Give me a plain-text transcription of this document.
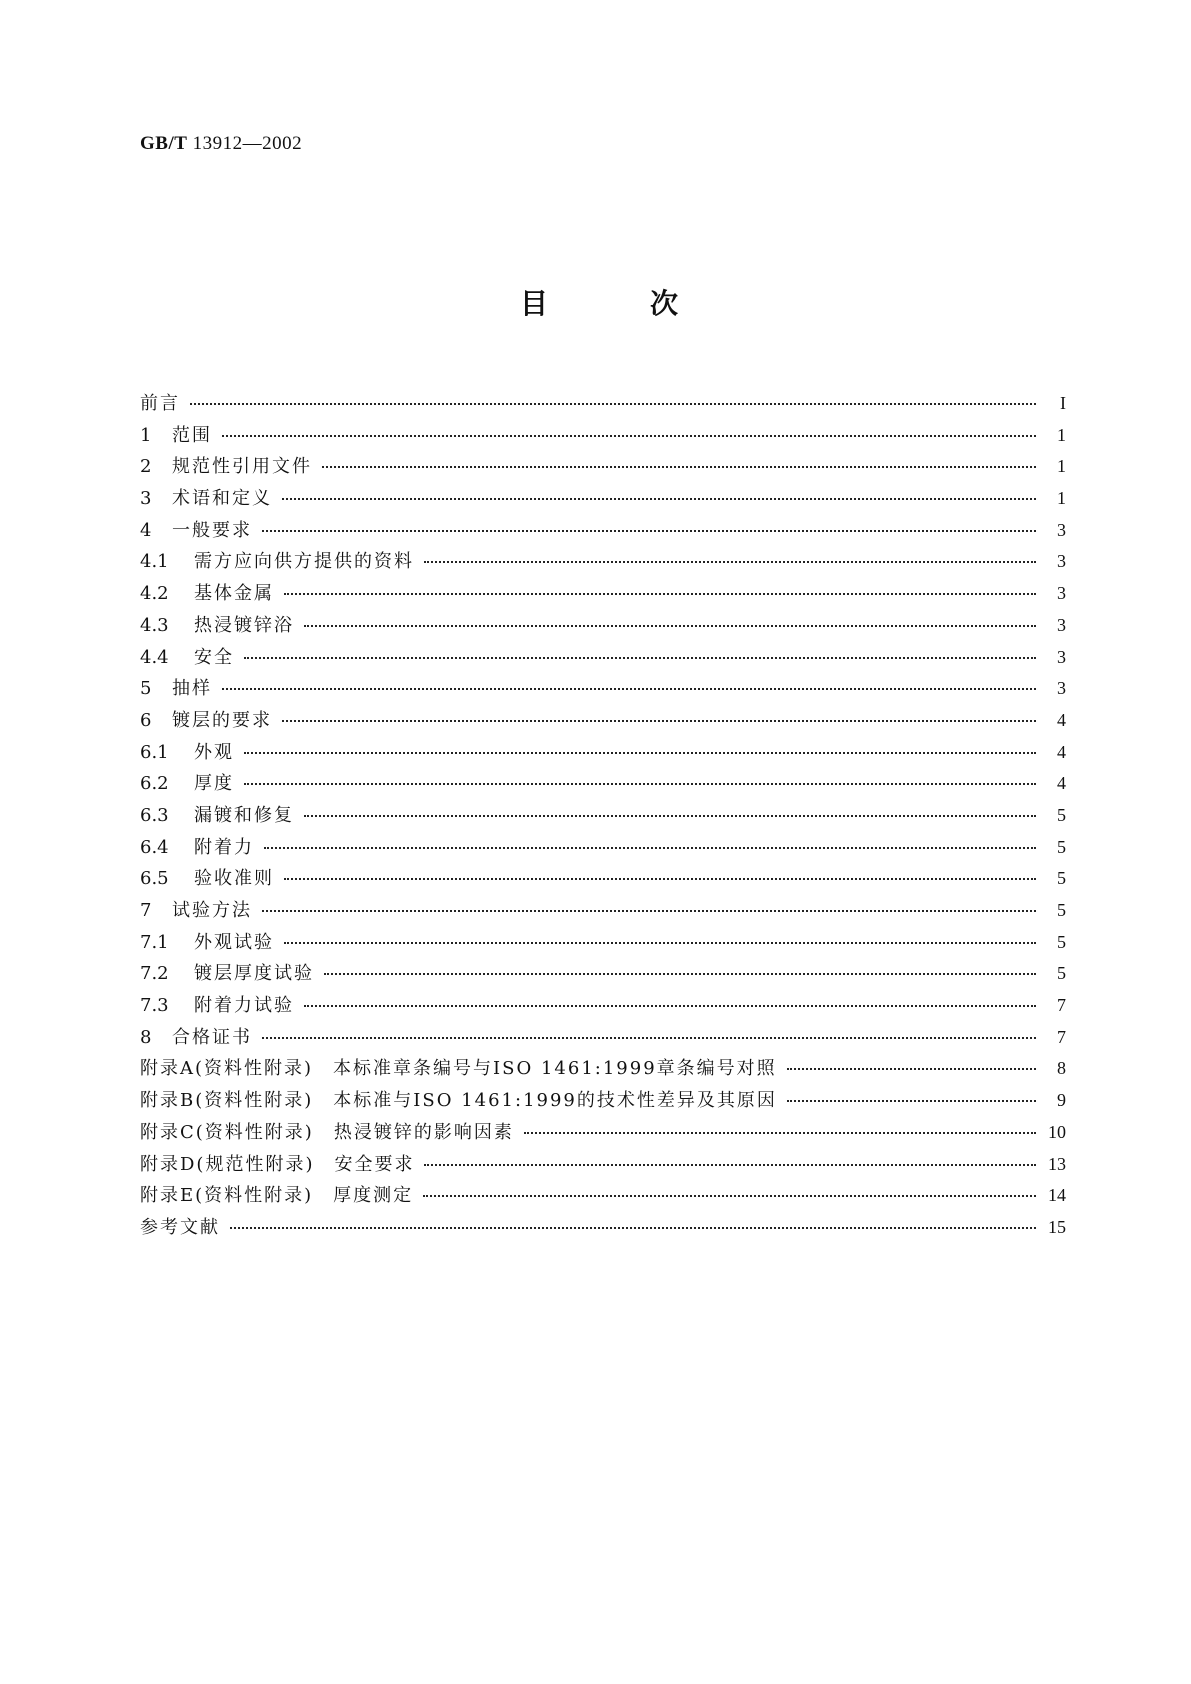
GB/T 13912—2002
目次
前言	I
1	范围	1
2	规范性引用文件	1
3	术语和定义	1
4	一般要求	3
4.1	需方应向供方提供的资料	3
4.2	基体金属	3
4.3	热浸镀锌浴	3
4.4	安全	3
5	抽样	3
6	镀层的要求	4
6.1	外观	4
6.2	厚度	4
6.3	漏镀和修复	5
6.4	附着力	5
6.5	验收准则	5
7	试验方法	5
7.1	外观试验	5
7.2	镀层厚度试验	5
7.3	附着力试验	7
8	合格证书	7
附录A(资料性附录)　本标准章条编号与ISO 1461:1999章条编号对照	8
附录B(资料性附录)　本标准与ISO 1461:1999的技术性差异及其原因	9
附录C(资料性附录)　热浸镀锌的影响因素	10
附录D(规范性附录)　安全要求	13
附录E(资料性附录)　厚度测定	14
参考文献	15
